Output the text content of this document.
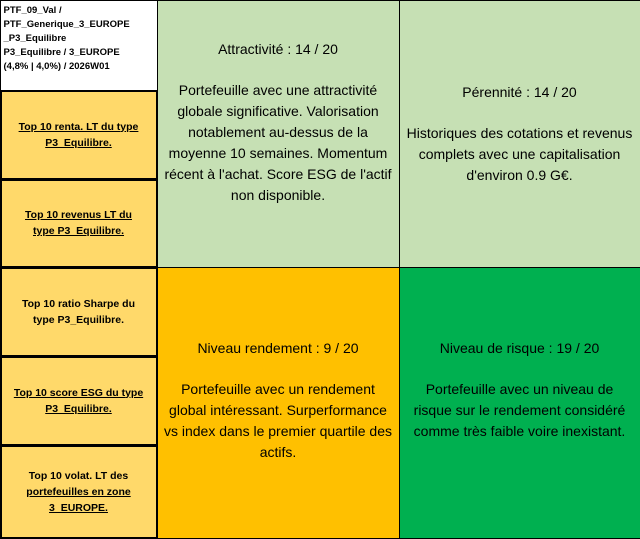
PTF_09_Val /
PTF_Generique_3_EUROPE
_P3_Equilibre
P3_Equilibre / 3_EUROPE
(4,8% | 4,0%) / 2026W01
Top 10 renta. LT du type
P3_Equilibre.
Top 10 revenus LT du
type P3_Equilibre.
Top 10 ratio Sharpe du
type P3_Equilibre.
Top 10 score ESG du type
P3_Equilibre.
Top 10 volat. LT des
portefeuilles en zone
3_EUROPE.
Attractivité : 14 / 20
Portefeuille avec une attractivité globale significative. Valorisation notablement au-dessus de la moyenne 10 semaines. Momentum récent à l'achat. Score ESG de l'actif non disponible.
Pérennité : 14 / 20
Historiques des cotations et revenus complets avec une capitalisation d'environ 0.9 G€.
Niveau rendement : 9 / 20
Portefeuille avec un rendement global intéressant. Surperformance vs index dans le premier quartile des actifs.
Niveau de risque : 19 / 20
Portefeuille avec un niveau de risque sur le rendement considéré comme très faible voire inexistant.
